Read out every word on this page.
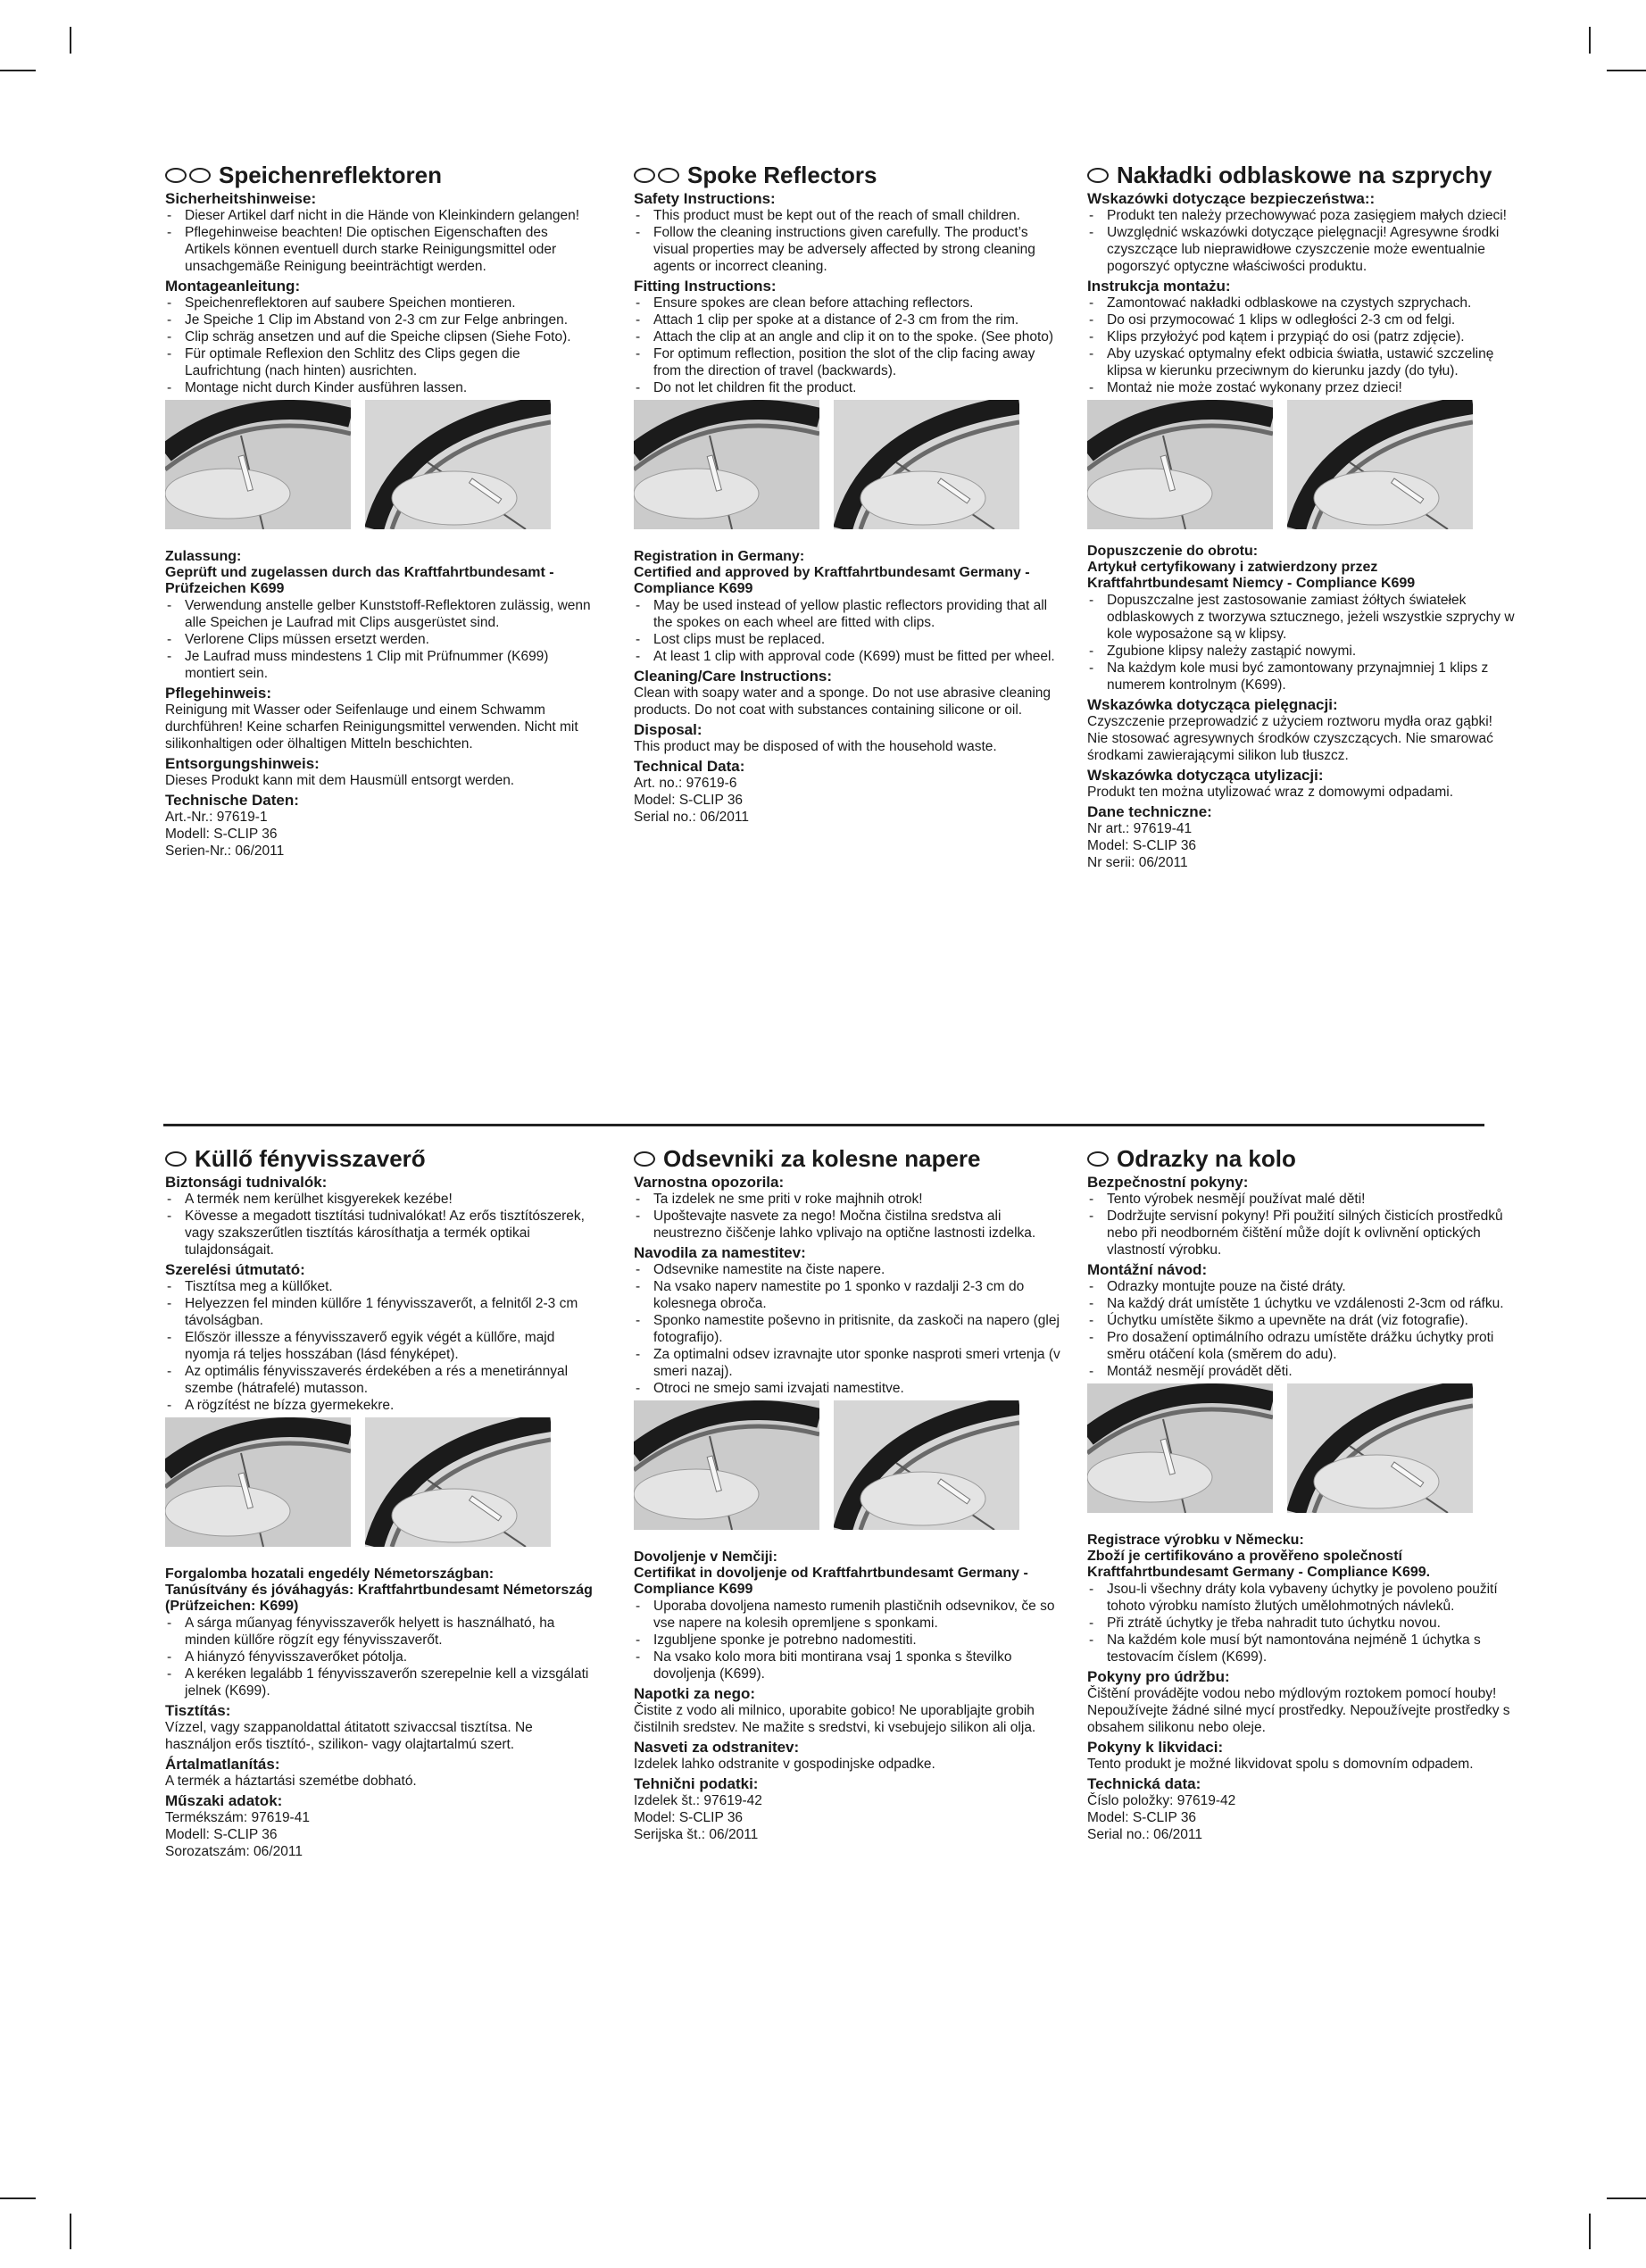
Speichenreflektoren
Sicherheitshinweise:
- Dieser Artikel darf nicht in die Hände von Kleinkindern gelangen!
- Pflegehinweise beachten! Die optischen Eigenschaften des Artikels können eventuell durch starke Reinigungsmittel oder unsachgemäße Reinigung beeinträchtigt werden.
Montageanleitung:
- Speichenreflektoren auf saubere Speichen montieren.
- Je Speiche 1 Clip im Abstand von 2-3 cm zur Felge anbringen.
- Clip schräg ansetzen und auf die Speiche clipsen (Siehe Foto).
- Für optimale Reflexion den Schlitz des Clips gegen die Laufrichtung (nach hinten) ausrichten.
- Montage nicht durch Kinder ausführen lassen.
Zulassung:
Geprüft und zugelassen durch das Kraftfahrtbundesamt - Prüfzeichen K699
- Verwendung anstelle gelber Kunststoff-Reflektoren zulässig, wenn alle Speichen je Laufrad mit Clips ausgerüstet sind.
- Verlorene Clips müssen ersetzt werden.
- Je Laufrad muss mindestens 1 Clip mit Prüfnummer (K699) montiert sein.
Pflegehinweis:

Reinigung mit Wasser oder Seifenlauge und einem Schwamm durchführen! Keine scharfen Reinigungsmittel verwenden. Nicht mit silikonhaltigen oder ölhaltigen Mitteln beschichten.

Entsorgungshinweis:

Dieses Produkt kann mit dem Hausmüll entsorgt werden.

Technische Daten:
Art.-Nr.: 97619-1
Modell: S-CLIP 36
Serien-Nr.: 06/2011
Spoke Reflectors
Safety Instructions:
- This product must be kept out of the reach of small children.
- Follow the cleaning instructions given carefully. The product’s visual properties may be adversely affected by strong cleaning agents or incorrect cleaning.
Fitting Instructions:
- Ensure spokes are clean before attaching reflectors.
- Attach 1 clip per spoke at a distance of 2-3 cm from the rim.
- Attach the clip at an angle and clip it on to the spoke. (See photo)
- For optimum reflection, position the slot of the clip facing away from the direction of travel (backwards).
- Do not let children fit the product.
Registration in Germany:
Certified and approved by Kraftfahrtbundesamt Germany - Compliance K699
- May be used instead of yellow plastic reflectors providing that all the spokes on each wheel are fitted with clips.
- Lost clips must be replaced.
- At least 1 clip with approval code (K699) must be fitted per wheel.
Cleaning/Care Instructions:

Clean with soapy water and a sponge. Do not use abrasive cleaning products. Do not coat with substances containing silicone or oil.

Disposal:

This product may be disposed of with the household waste.

Technical Data:
Art. no.: 97619-6
Model: S-CLIP 36
Serial no.: 06/2011
Nakładki odblaskowe na szprychy
Wskazówki dotyczące bezpieczeństwa::
- Produkt ten należy przechowywać poza zasięgiem małych dzieci!
- Uwzględnić wskazówki dotyczące pielęgnacji! Agresywne środki czyszczące lub nieprawidłowe czyszczenie może ewentualnie pogorszyć optyczne właściwości produktu.
Instrukcja montażu:
- Zamontować nakładki odblaskowe na czystych szprychach.
- Do osi przymocować 1 klips w odległości 2-3 cm od felgi.
- Klips przyłożyć pod kątem i przypiąć do osi (patrz zdjęcie).
- Aby uzyskać optymalny efekt odbicia światła, ustawić szczelinę klipsa w kierunku przeciwnym do kierunku jazdy (do tyłu).
- Montaż nie może zostać wykonany przez dzieci!
Dopuszczenie do obrotu:
Artykuł certyfikowany i zatwierdzony przez Kraftfahrtbundesamt Niemcy - Compliance K699
- Dopuszczalne jest zastosowanie zamiast żółtych światełek odblaskowych z tworzywa sztucznego, jeżeli wszystkie szprychy w kole wyposażone są w klipsy.
- Zgubione klipsy należy zastąpić nowymi.
- Na każdym kole musi być zamontowany przynajmniej 1 klips z numerem kontrolnym (K699).
Wskazówka dotycząca pielęgnacji:

Czyszczenie przeprowadzić z użyciem roztworu mydła oraz gąbki! Nie stosować agresywnych środków czyszczących. Nie smarować środkami zawierającymi silikon lub tłuszcz.

Wskazówka dotycząca utylizacji:

Produkt ten można utylizować wraz z domowymi odpadami.

Dane techniczne:
Nr art.: 97619-41
Model: S-CLIP 36
Nr serii: 06/2011
Küllő fényvisszaverő
Biztonsági tudnivalók:
- A termék nem kerülhet kisgyerekek kezébe!
- Kövesse a megadott tisztítási tudnivalókat! Az erős tisztítószerek, vagy szakszerűtlen tisztítás károsíthatja a termék optikai tulajdonságait.
Szerelési útmutató:
- Tisztítsa meg a küllőket.
- Helyezzen fel minden küllőre 1 fényvisszaverőt, a felnitől 2-3 cm távolságban.
- Először illessze a fényvisszaverő egyik végét a küllőre, majd nyomja rá teljes hosszában (lásd fényképet).
- Az optimális fényvisszaverés érdekében a rés a menetiránnyal szembe (hátrafelé) mutasson.
- A rögzítést ne bízza gyermekekre.
Forgalomba hozatali engedély Németországban:
Tanúsítvány és jóváhagyás: Kraftfahrtbundesamt Németország (Prüfzeichen: K699)
- A sárga műanyag fényvisszaverők helyett is használható, ha minden küllőre rögzít egy fényvisszaverőt.
- A hiányzó fényvisszaverőket pótolja.
- A keréken legalább 1 fényvisszaverőn szerepelnie kell a vizsgálati jelnek (K699).
Tisztítás:

Vízzel, vagy szappanoldattal átitatott szivaccsal tisztítsa. Ne használjon erős tisztító-, szilikon- vagy olajtartalmú szert.

Ártalmatlanítás:

A termék a háztartási szemétbe dobható.

Műszaki adatok:
Termékszám: 97619-41
Modell: S-CLIP 36
Sorozatszám: 06/2011
Odsevniki za kolesne napere
Varnostna opozorila:
- Ta izdelek ne sme priti v roke majhnih otrok!
- Upoštevajte nasvete za nego! Močna čistilna sredstva ali neustrezno čiščenje lahko vplivajo na optične lastnosti izdelka.
Navodila za namestitev:
- Odsevnike namestite na čiste napere.
- Na vsako naperv namestite po 1 sponko v razdalji 2-3 cm do kolesnega obroča.
- Sponko namestite poševno in pritisnite, da zaskoči na napero (glej fotografijo).
- Za optimalni odsev izravnajte utor sponke nasproti smeri vrtenja (v smeri nazaj).
- Otroci ne smejo sami izvajati namestitve.
Dovoljenje v Nemčiji:
Certifikat in dovoljenje od Kraftfahrtbundesamt Germany - Compliance K699
- Uporaba dovoljena namesto rumenih plastičnih odsevnikov, če so vse napere na kolesih opremljene s sponkami.
- Izgubljene sponke je potrebno nadomestiti.
- Na vsako kolo mora biti montirana vsaj 1 sponka s številko dovoljenja (K699).
Napotki za nego:

Čistite z vodo ali milnico, uporabite gobico! Ne uporabljajte grobih čistilnih sredstev. Ne mažite s sredstvi, ki vsebujejo silikon ali olja.

Nasveti za odstranitev:

Izdelek lahko odstranite v gospodinjske odpadke.

Tehnični podatki:
Izdelek št.: 97619-42
Model: S-CLIP 36
Serijska št.: 06/2011
Odrazky na kolo
Bezpečnostní pokyny:
- Tento výrobek nesmějí používat malé děti!
- Dodržujte servisní pokyny! Při použití silných čisticích prostředků nebo při neodborném čištění může dojít k ovlivnění optických vlastností výrobku.
Montážní návod:
- Odrazky montujte pouze na čisté dráty.
- Na každý drát umístěte 1 úchytku ve vzdálenosti 2-3cm od ráfku.
- Úchytku umístěte šikmo a upevněte na drát (viz fotografie).
- Pro dosažení optimálního odrazu umístěte drážku úchytky proti směru otáčení kola (směrem do adu).
- Montáž nesmějí provádět děti.
Registrace výrobku v Německu:
Zboží je certifikováno a prověřeno společností Kraftfahrtbundesamt Germany - Compliance K699.
- Jsou-li všechny dráty kola vybaveny úchytky je povoleno použití tohoto výrobku namísto žlutých umělohmotných návleků.
- Při ztrátě úchytky je třeba nahradit tuto úchytku novou.
- Na každém kole musí být namontována nejméně 1 úchytka s testovacím číslem (K699).
Pokyny pro údržbu:

Čištění provádějte vodou nebo mýdlovým roztokem pomocí houby! Nepoužívejte žádné silné mycí prostředky. Nepoužívejte prostředky s obsahem silikonu nebo oleje.

Pokyny k likvidaci:

Tento produkt je možné likvidovat spolu s domovním odpadem.

Technická data:
Číslo položky: 97619-42
Model: S-CLIP 36
Serial no.: 06/2011
